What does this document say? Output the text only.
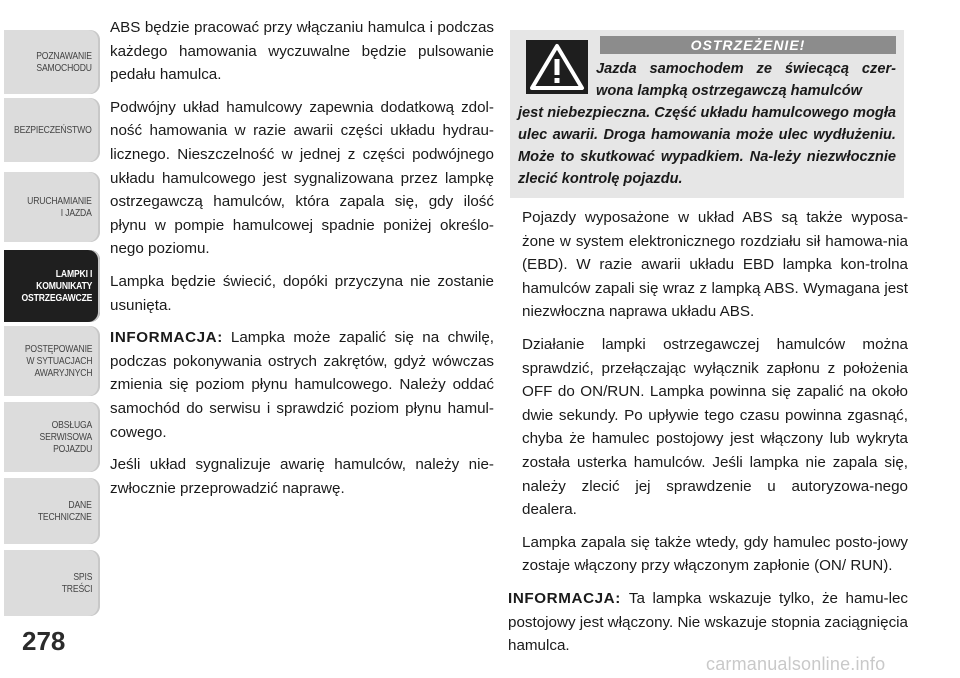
POZNAWANIE
SAMOCHODU
BEZPIECZEŃSTWO
URUCHAMIANIE
I JAZDA
LAMPKI I
KOMUNIKATY
OSTRZEGAWCZE
POSTĘPOWANIE
W SYTUACJACH
AWARYJNYCH
OBSŁUGA
SERWISOWA
POJAZDU
DANE
TECHNICZNE
SPIS
TREŚCI
278

ABS będzie pracować przy włączaniu hamulca i podczas każdego hamowania wyczuwalne będzie pulsowanie pedału hamulca.

Podwójny układ hamulcowy zapewnia dodatkową zdol-ność hamowania w razie awarii części układu hydrau-licznego. Nieszczelność w jednej z części podwójnego układu hamulcowego jest sygnalizowana przez lampkę ostrzegawczą hamulców, która zapala się, gdy ilość płynu w pompie hamulcowej spadnie poniżej określo-nego poziomu.

Lampka będzie świecić, dopóki przyczyna nie zostanie usunięta.

INFORMACJA: Lampka może zapalić się na chwilę, podczas pokonywania ostrych zakrętów, gdyż wówczas zmienia się poziom płynu hamulcowego. Należy oddać samochód do serwisu i sprawdzić poziom płynu hamul-cowego.

Jeśli układ sygnalizuje awarię hamulców, należy nie-zwłocznie przeprowadzić naprawę.

OSTRZEŻENIE!
Jazda samochodem ze świecącą czer-wona lampką ostrzegawczą hamulców
jest niebezpieczna. Część układu hamulcowego mogła ulec awarii. Droga hamowania może ulec wydłużeniu. Może to skutkować wypadkiem. Na-leży niezwłocznie zlecić kontrolę pojazdu.

Pojazdy wyposażone w układ ABS są także wyposa-żone w system elektronicznego rozdziału sił hamowa-nia (EBD). W razie awarii układu EBD lampka kon-trolna hamulców zapali się wraz z lampką ABS. Wymagana jest niezwłoczna naprawa układu ABS.

Działanie lampki ostrzegawczej hamulców można sprawdzić, przełączając wyłącznik zapłonu z położenia OFF do ON/RUN. Lampka powinna się zapalić na około dwie sekundy. Po upływie tego czasu powinna zgasnąć, chyba że hamulec postojowy jest włączony lub wykryta została usterka hamulców. Jeśli lampka nie zapala się, należy zlecić jej sprawdzenie u autoryzowa-nego dealera.

Lampka zapala się także wtedy, gdy hamulec posto-jowy zostaje włączony przy włączonym zapłonie (ON/ RUN).

INFORMACJA: Ta lampka wskazuje tylko, że hamu-lec postojowy jest włączony. Nie wskazuje stopnia zaciągnięcia hamulca.

carmanualsonline.info
